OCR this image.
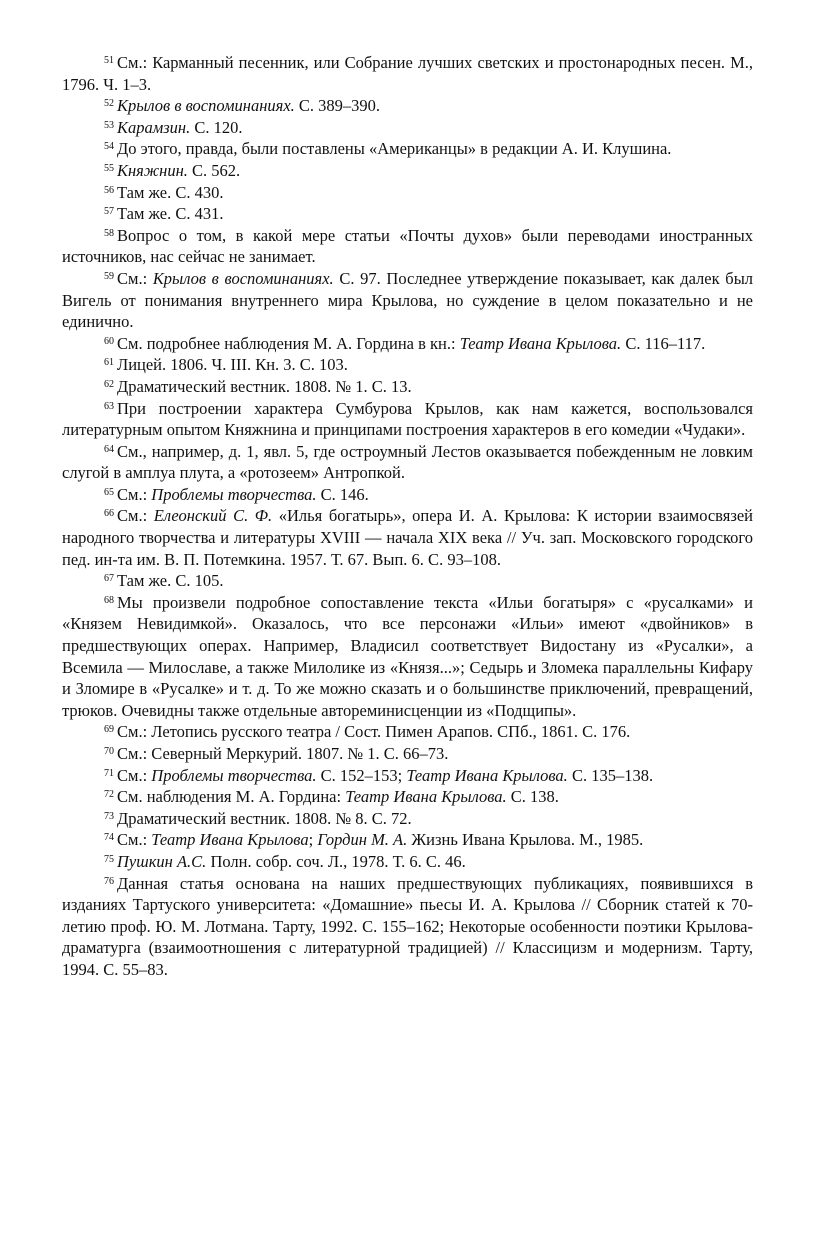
$^{51}$ См.: Карманный песенник, или Собрание лучших светских и простонародных песен. М., 1796. Ч. 1–3.

$^{52}$ Крылов в воспоминаниях. С. 389–390.

$^{53}$ Карамзин. С. 120.

$^{54}$ До этого, правда, были поставлены «Американцы» в редакции А. И. Клушина.

$^{55}$ Княжнин. С. 562.

$^{56}$ Там же. С. 430.

$^{57}$ Там же. С. 431.

$^{58}$ Вопрос о том, в какой мере статьи «Почты духов» были переводами иностранных источников, нас сейчас не занимает.

$^{59}$ См.: Крылов в воспоминаниях. С. 97. Последнее утверждение показывает, как далек был Вигель от понимания внутреннего мира Крылова, но суждение в целом показательно и не единично.

$^{60}$ См. подробнее наблюдения М. А. Гордина в кн.: Театр Ивана Крылова. С. 116–117.

$^{61}$ Лицей. 1806. Ч. III. Кн. 3. С. 103.

$^{62}$ Драматический вестник. 1808. № 1. С. 13.

$^{63}$ При построении характера Сумбурова Крылов, как нам кажется, воспользовался литературным опытом Княжнина и принципами построения характеров в его комедии «Чудаки».

$^{64}$ См., например, д. 1, явл. 5, где остроумный Лестов оказывается побежденным не ловким слугой в амплуа плута, а «ротозеем» Антропкой.

$^{65}$ См.: Проблемы творчества. С. 146.

$^{66}$ См.: Елеонский С. Ф. «Илья богатырь», опера И. А. Крылова: К истории взаимосвязей народного творчества и литературы XVIII — начала XIX века // Уч. зап. Московского городского пед. ин-та им. В. П. Потемкина. 1957. Т. 67. Вып. 6. С. 93–108.

$^{67}$ Там же. С. 105.

$^{68}$ Мы произвели подробное сопоставление текста «Ильи богатыря» с «русалками» и «Князем Невидимкой». Оказалось, что все персонажи «Ильи» имеют «двойников» в предшествующих операх. Например, Владисил соответствует Видостану из «Русалки», а Всемила — Милославе, а также Милолике из «Князя...»; Седырь и Зломека параллельны Кифару и Зломире в «Русалке» и т. д. То же можно сказать и о большинстве приключений, превращений, трюков. Очевидны также отдельные автореминисценции из «Подщипы».

$^{69}$ См.: Летопись русского театра / Сост. Пимен Арапов. СПб., 1861. С. 176.

$^{70}$ См.: Северный Меркурий. 1807. № 1. С. 66–73.

$^{71}$ См.: Проблемы творчества. С. 152–153; Театр Ивана Крылова. С. 135–138.

$^{72}$ См. наблюдения М. А. Гордина: Театр Ивана Крылова. С. 138.

$^{73}$ Драматический вестник. 1808. № 8. С. 72.

$^{74}$ См.: Театр Ивана Крылова; Гордин М. А. Жизнь Ивана Крылова. М., 1985.

$^{75}$ Пушкин А.С. Полн. собр. соч. Л., 1978. Т. 6. С. 46.

$^{76}$ Данная статья основана на наших предшествующих публикациях, появившихся в изданиях Тартуского университета: «Домашние» пьесы И. А. Крылова // Сборник статей к 70-летию проф. Ю. М. Лотмана. Тарту, 1992. С. 155–162; Некоторые особенности поэтики Крылова-драматурга (взаимоотношения с литературной традицией) // Классицизм и модернизм. Тарту, 1994. С. 55–83.
